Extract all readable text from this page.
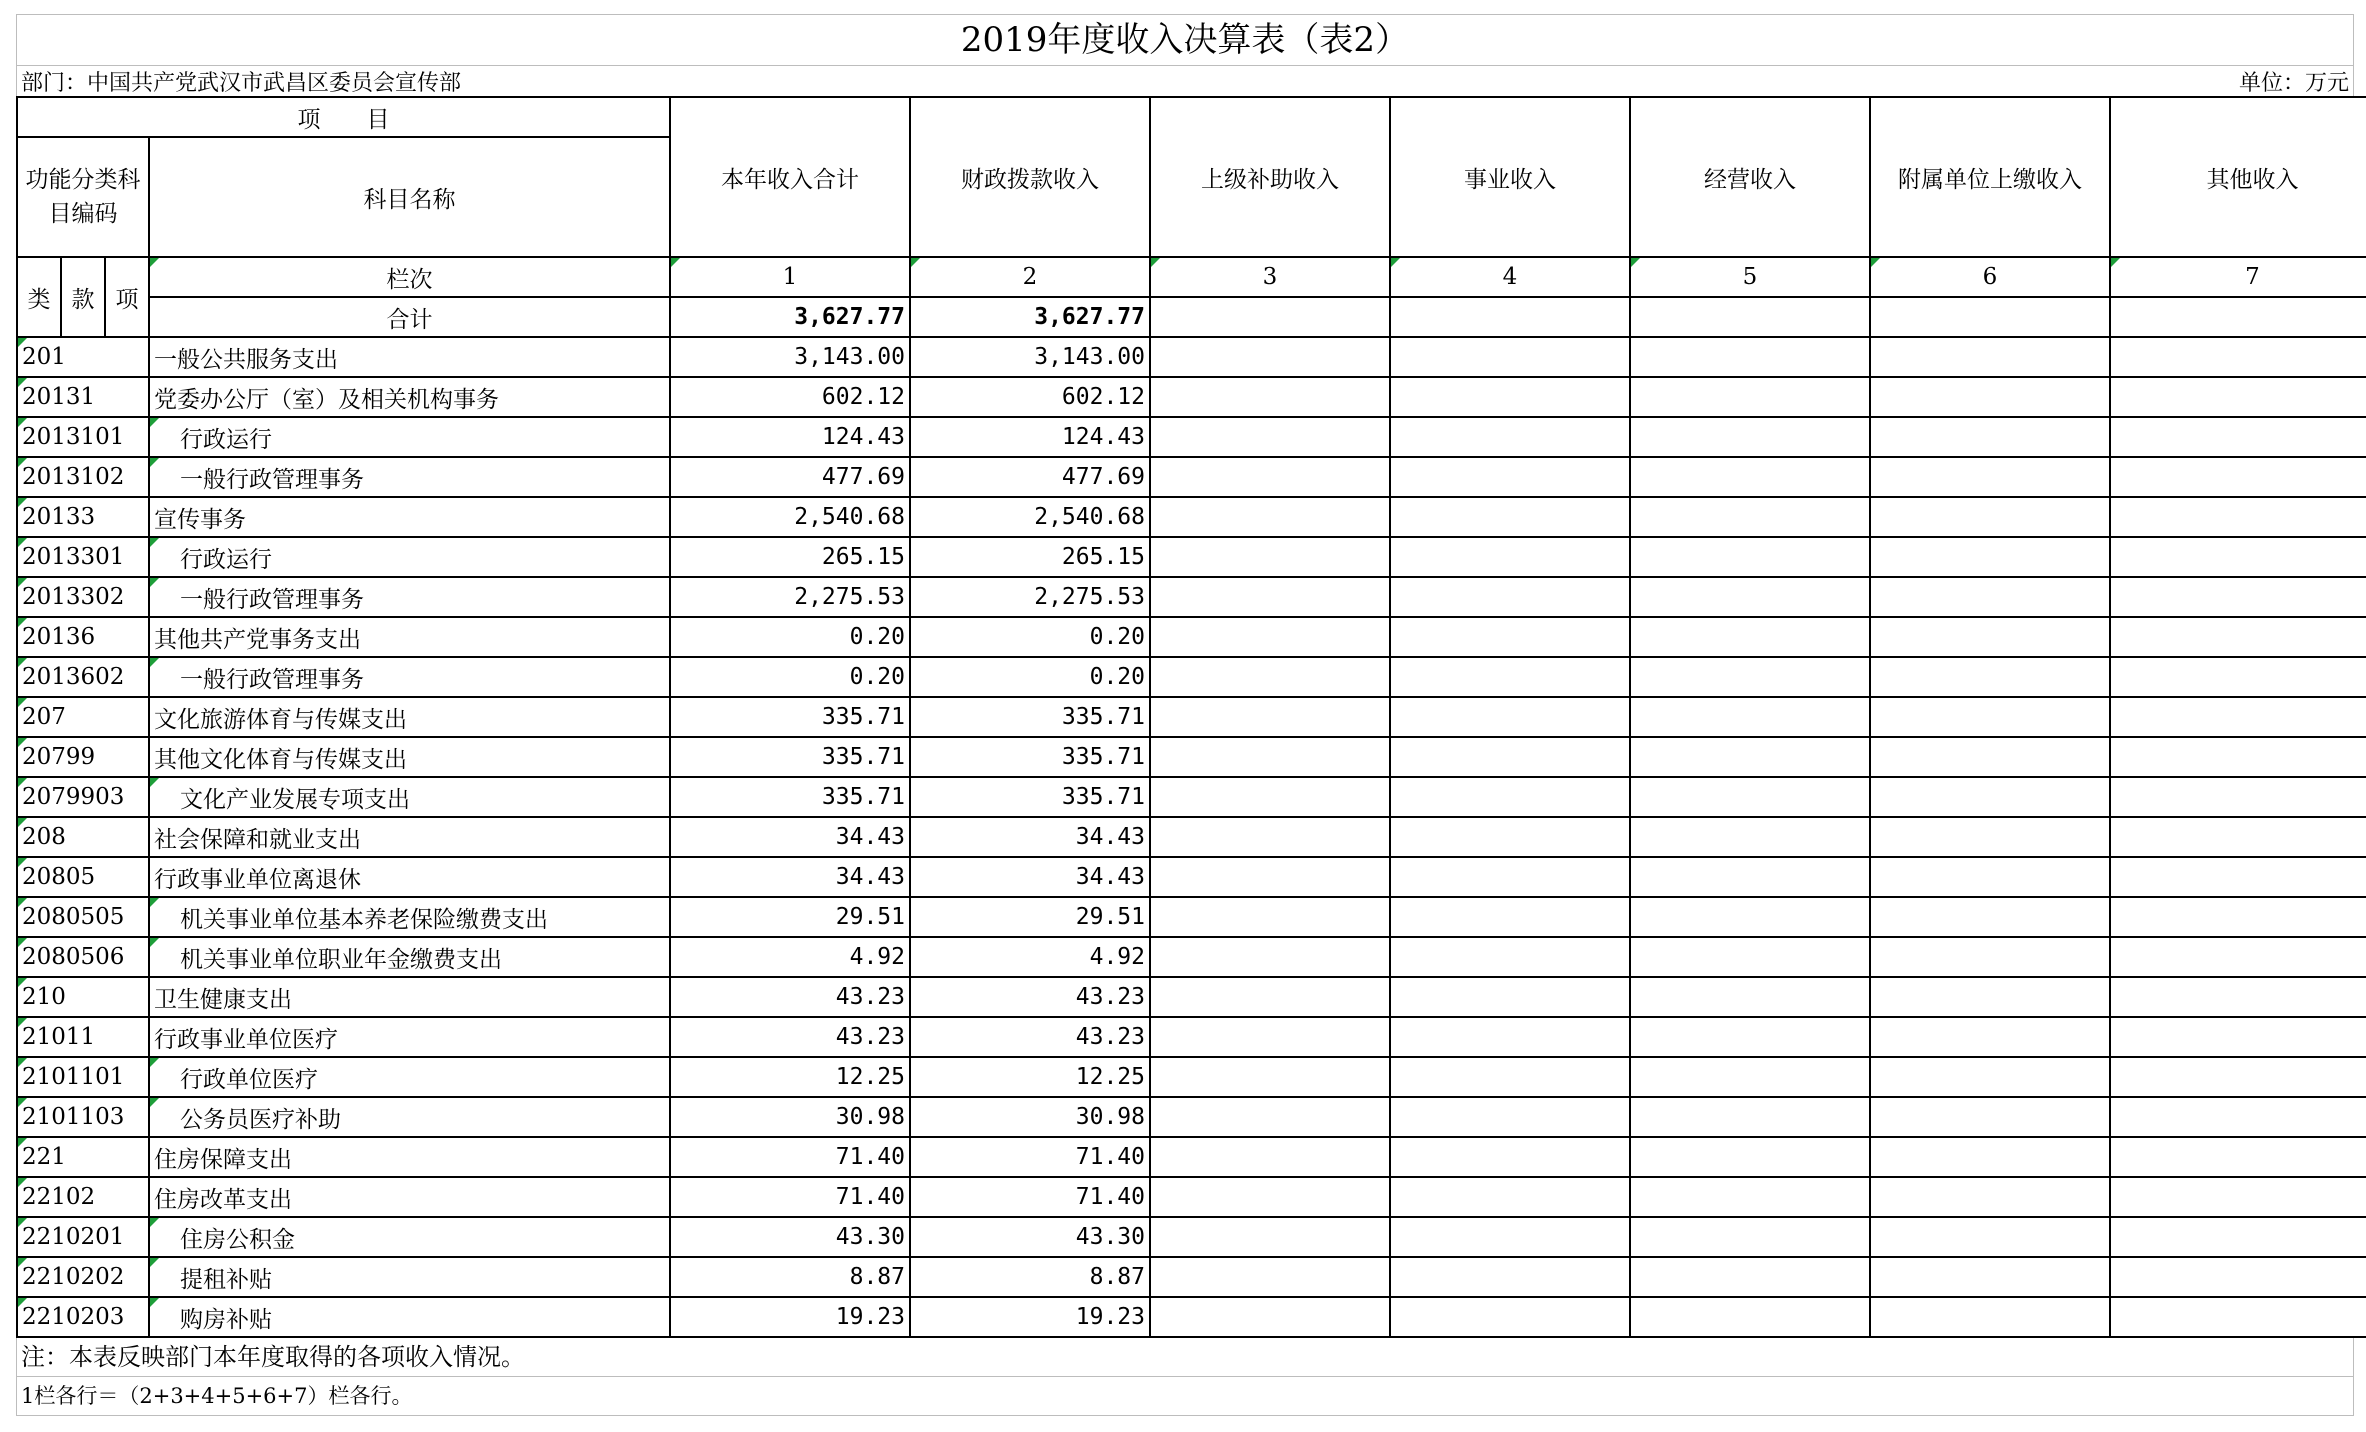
2019年度收入决算表（表2）
部门：中国共产党武汉市武昌区委员会宣传部	单位：万元
项　　目				本年收入合计	财政拨款收入	上级补助收入	事业收入	经营收入	附属单位上缴收入	其他收入
功能分类科目编码			科目名称							
类	款	项	栏次	1	2	3	4	5	6	7
			合计	3,627.77	3,627.77					
201			一般公共服务支出	3,143.00	3,143.00					
20131			党委办公厅（室）及相关机构事务	602.12	602.12					
2013101			行政运行	124.43	124.43					
2013102			一般行政管理事务	477.69	477.69					
20133			宣传事务	2,540.68	2,540.68					
2013301			行政运行	265.15	265.15					
2013302			一般行政管理事务	2,275.53	2,275.53					
20136			其他共产党事务支出	0.20	0.20					
2013602			一般行政管理事务	0.20	0.20					
207			文化旅游体育与传媒支出	335.71	335.71					
20799			其他文化体育与传媒支出	335.71	335.71					
2079903			文化产业发展专项支出	335.71	335.71					
208			社会保障和就业支出	34.43	34.43					
20805			行政事业单位离退休	34.43	34.43					
2080505			机关事业单位基本养老保险缴费支出	29.51	29.51					
2080506			机关事业单位职业年金缴费支出	4.92	4.92					
210			卫生健康支出	43.23	43.23					
21011			行政事业单位医疗	43.23	43.23					
2101101			行政单位医疗	12.25	12.25					
2101103			公务员医疗补助	30.98	30.98					
221			住房保障支出	71.40	71.40					
22102			住房改革支出	71.40	71.40					
2210201			住房公积金	43.30	43.30					
2210202			提租补贴	8.87	8.87					
2210203			购房补贴	19.23	19.23					
注：本表反映部门本年度取得的各项收入情况。
1栏各行＝（2+3+4+5+6+7）栏各行。
